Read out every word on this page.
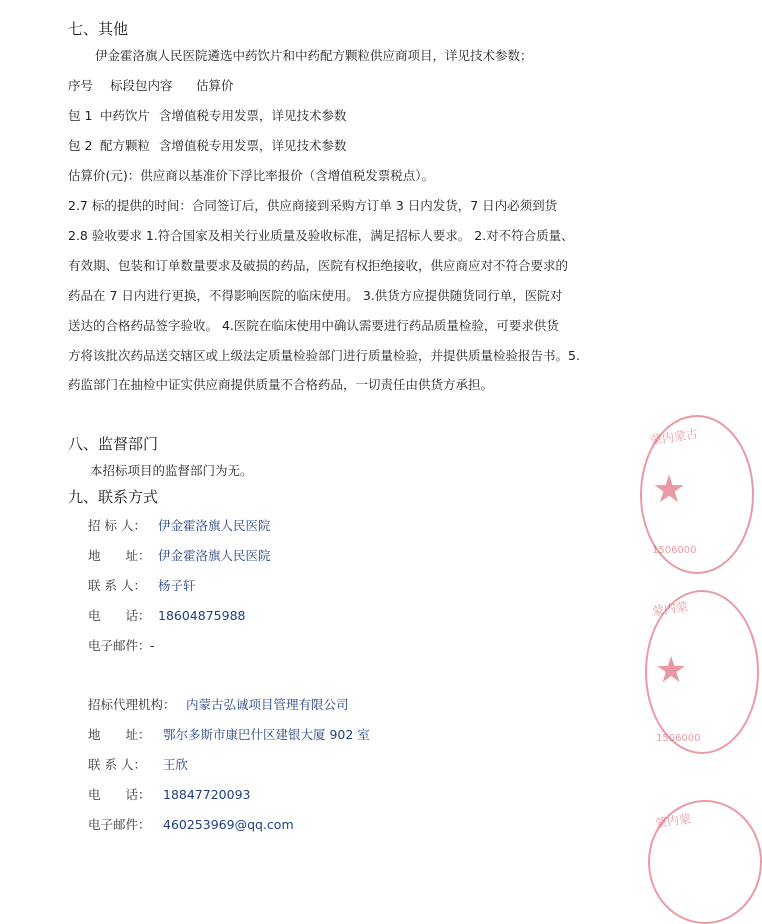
七、其他
伊金霍洛旗人民医院遴选中药饮片和中药配方颗粒供应商项目，详见技术参数；
序号 标段包内容 估算价
包 1 中药饮片 含增值税专用发票，详见技术参数
包 2 配方颗粒 含增值税专用发票，详见技术参数
估算价(元)：供应商以基准价下浮比率报价（含增值税发票税点）。
2.7 标的提供的时间：合同签订后，供应商接到采购方订单 3 日内发货，7 日内必须到货
2.8 验收要求 1.符合国家及相关行业质量及验收标准，满足招标人要求。 2.对不符合质量、
有效期、包装和订单数量要求及破损的药品，医院有权拒绝接收，供应商应对不符合要求的
药品在 7 日内进行更换，不得影响医院的临床使用。 3.供货方应提供随货同行单，医院对
送达的合格药品签字验收。 4.医院在临床使用中确认需要进行药品质量检验，可要求供货
方将该批次药品送交辖区或上级法定质量检验部门进行质量检验，并提供质量检验报告书。5.
药监部门在抽检中证实供应商提供质量不合格药品，一切责任由供货方承担。
八、监督部门
本招标项目的监督部门为无。
九、联系方式
招 标 人： 伊金霍洛旗人民医院
地　　址： 伊金霍洛旗人民医院
联 系 人： 杨子轩
电　　话： 18604875988
电子邮件： -
招标代理机构： 内蒙古弘诚项目管理有限公司
地　　址： 鄂尔多斯市康巴什区建银大厦 902 室
联 系 人： 王欣
电　　话： 18847720093
电子邮件： 460253969@qq.com
蒙内蒙古
★
1506000
蒙内蒙
★
1506000
蒙内蒙
